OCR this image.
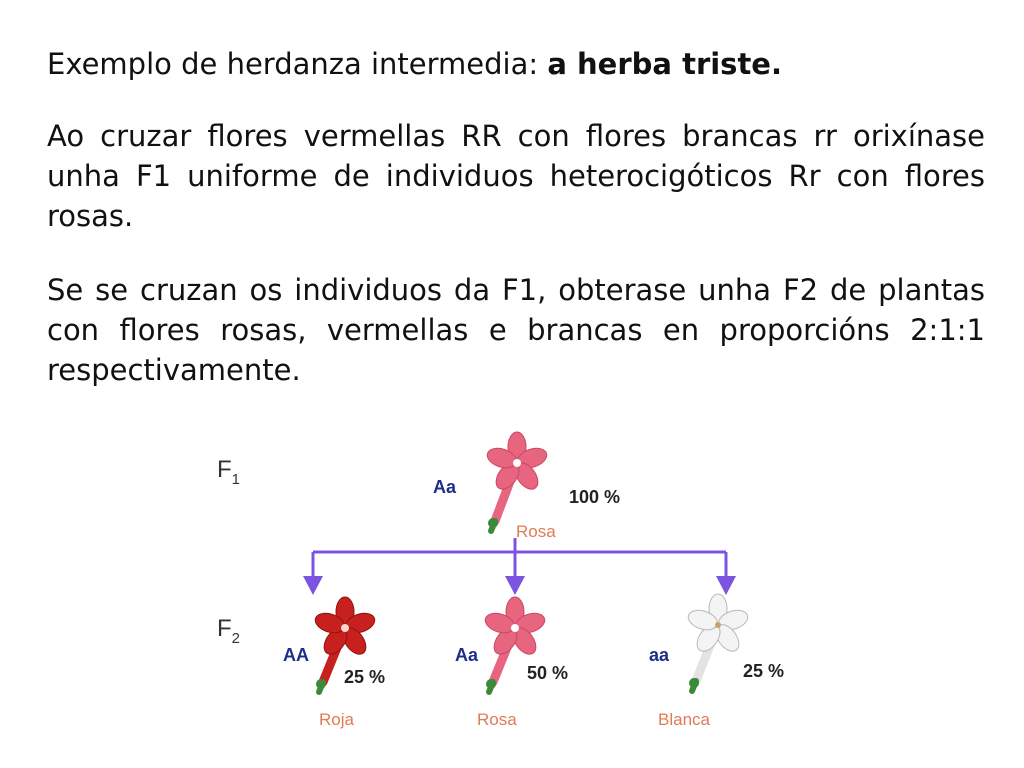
Exemplo de herdanza intermedia: a herba triste.

Ao cruzar flores vermellas RR con flores brancas rr orixínase unha F1 uniforme de individuos heterocigóticos Rr con flores rosas.

Se se cruzan os individuos da F1, obterase unha F2 de plantas con flores rosas, vermellas e brancas en proporcións 2:1:1 respectivamente.

$F_1$
$F_2$
Aa	100 %
Rosa
AA
25 %
Roja
Aa
50 %
Rosa
aa
25 %
Blanca
